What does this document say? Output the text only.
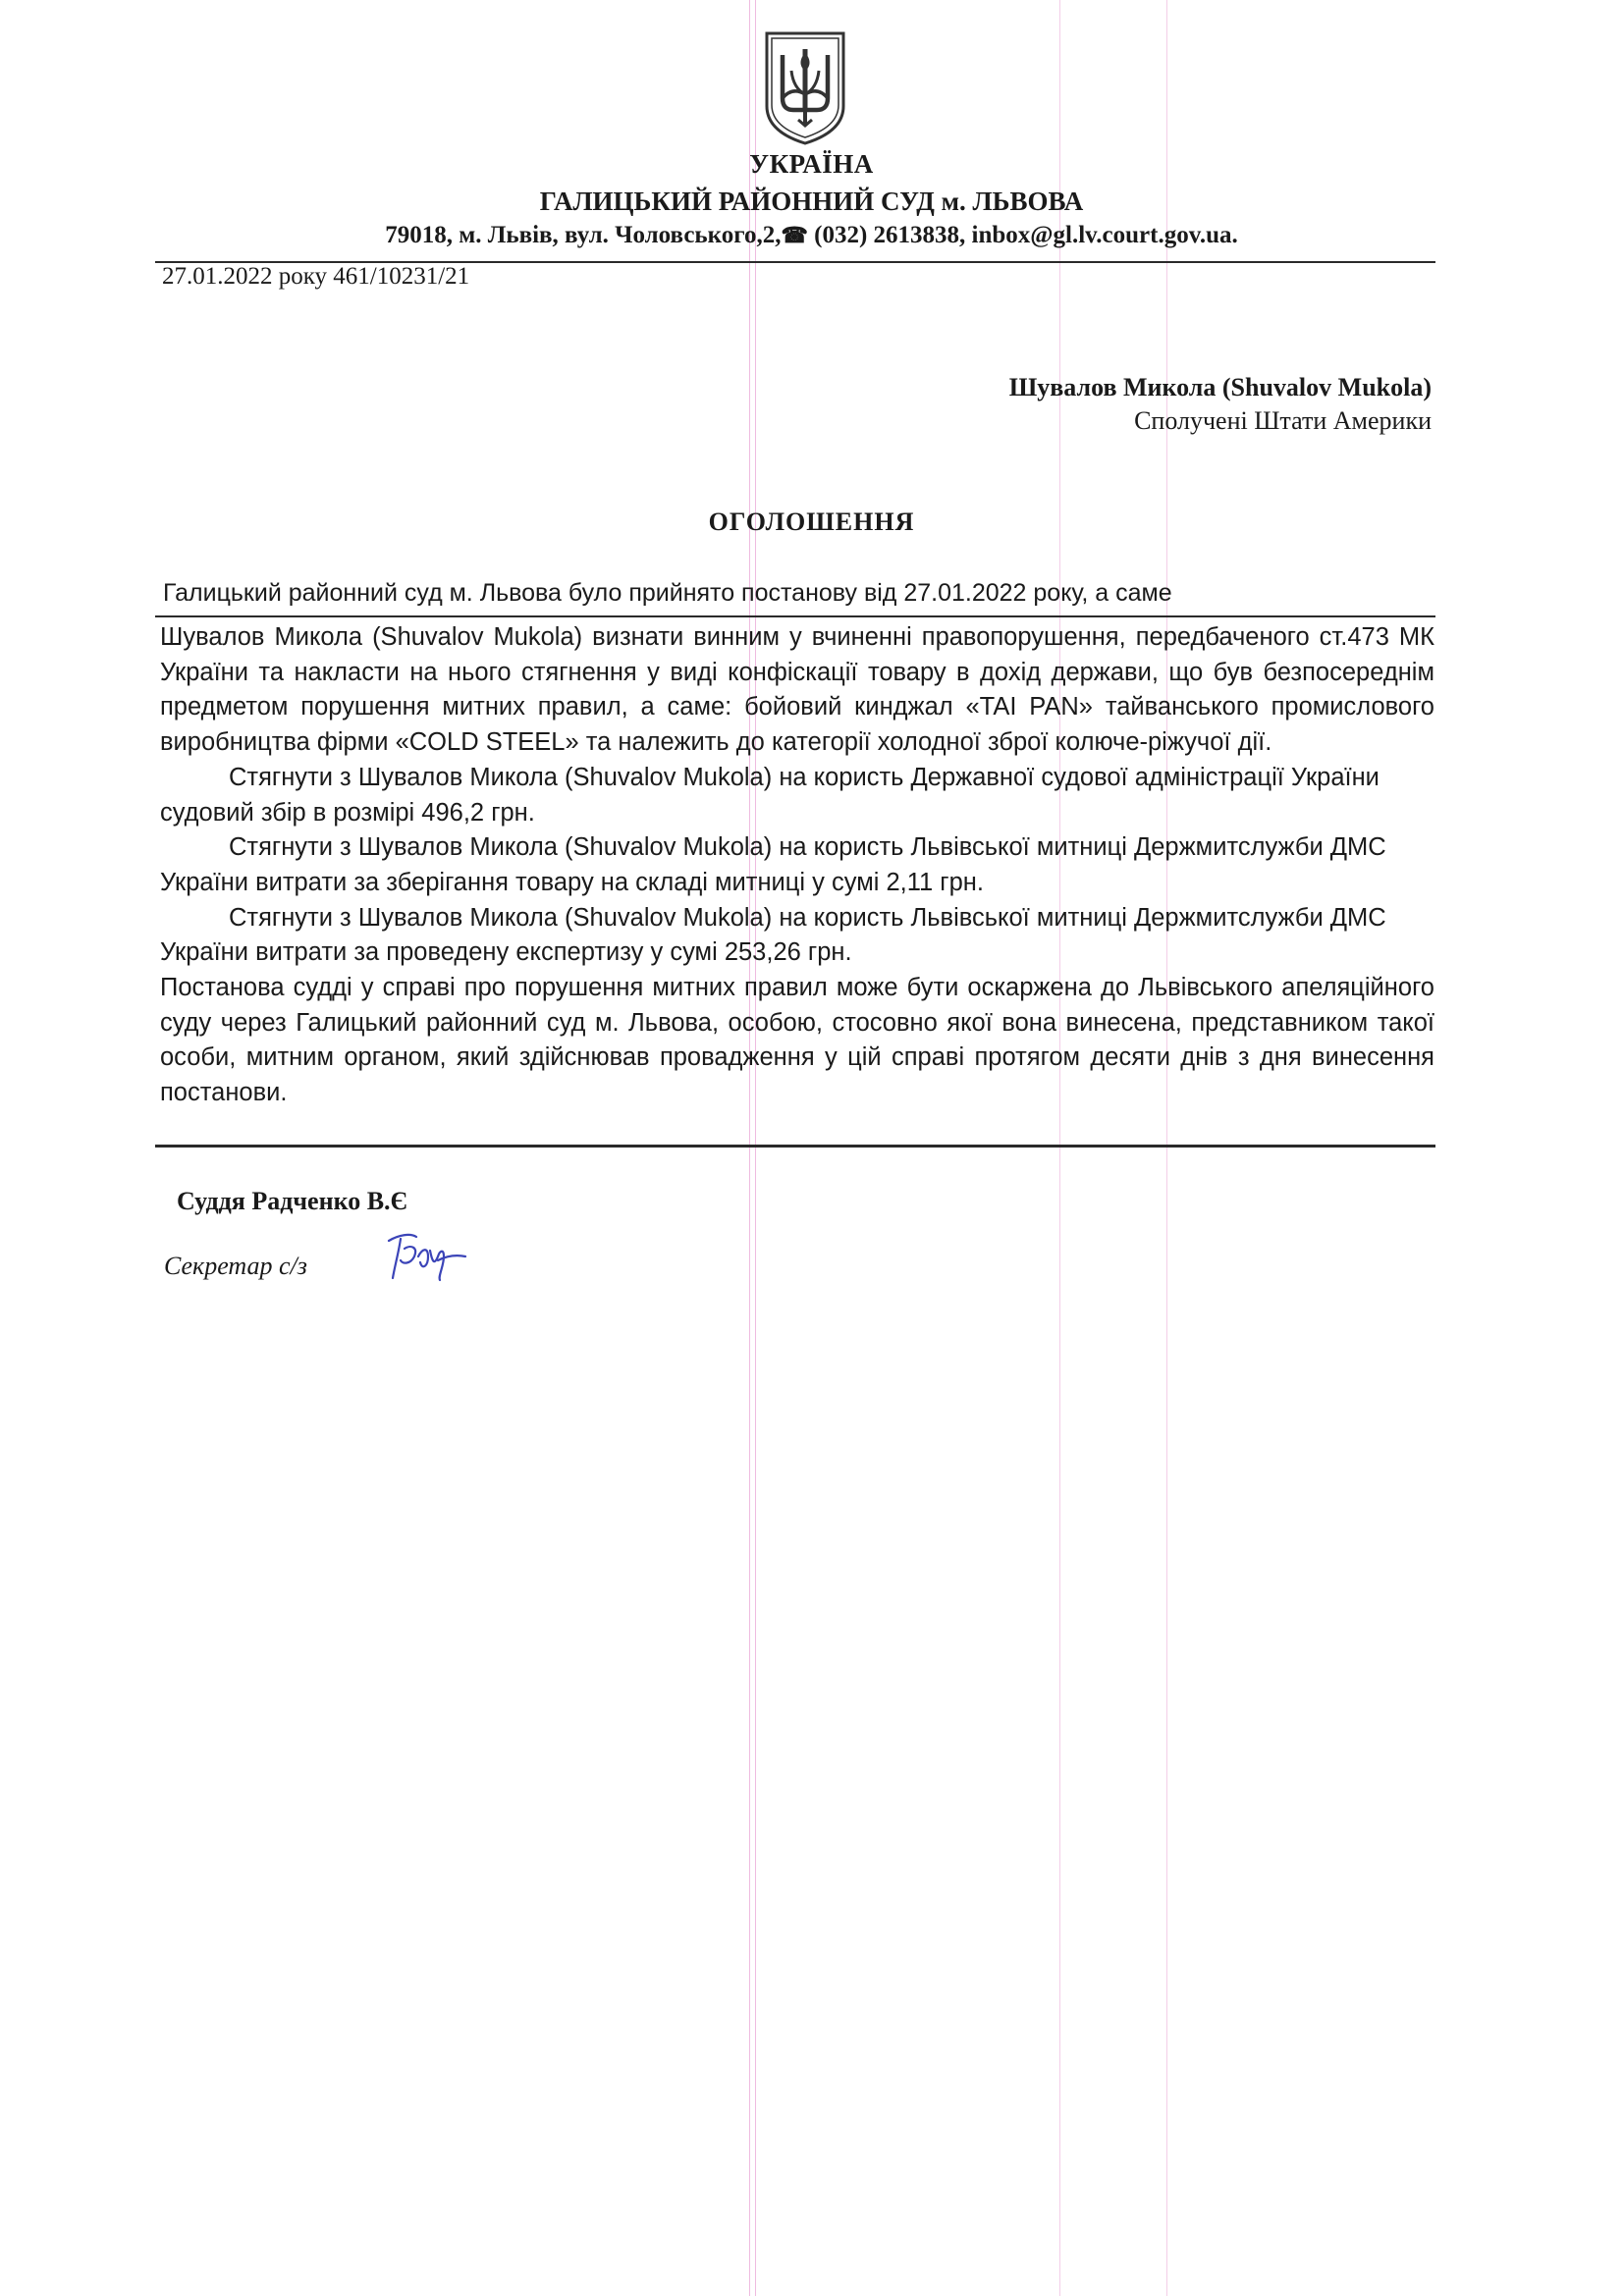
УКРАЇНА
ГАЛИЦЬКИЙ РАЙОННИЙ СУД м. ЛЬВОВА
79018, м. Львів, вул. Чоловського,2,☎ (032) 2613838, inbox@gl.lv.court.gov.ua.
27.01.2022 року 461/10231/21
Шувалов Микола (Shuvalov Mukola)
Сполучені Штати Америки
ОГОЛОШЕННЯ
Галицький районний суд м. Львова було прийнято постанову від 27.01.2022 року, а саме

Шувалов Микола (Shuvalov Mukola) визнати винним у вчиненні правопорушення, передбаченого ст.473 МК України та накласти на нього стягнення у виді конфіскації товару в дохід держави, що був безпосереднім предметом порушення митних правил, а саме: бойовий кинджал «TAI PAN» тайванського промислового виробництва фірми «COLD STEEL» та належить до категорії холодної зброї колюче-ріжучої дії.

Стягнути з Шувалов Микола (Shuvalov Mukola) на користь Державної судової адміністрації України судовий збір в розмірі 496,2 грн.

Стягнути з Шувалов Микола (Shuvalov Mukola) на користь Львівської митниці Держмитслужби ДМС України витрати за зберігання товару на складі митниці у сумі 2,11 грн.

Стягнути з Шувалов Микола (Shuvalov Mukola) на користь Львівської митниці Держмитслужби ДМС України витрати за проведену експертизу у сумі 253,26 грн.

Постанова судді у справі про порушення митних правил може бути оскаржена до Львівського апеляційного суду через Галицький районний суд м. Львова, особою, стосовно якої вона винесена, представником такої особи, митним органом, який здійснював провадження у цій справі протягом десяти днів з дня винесення постанови.

Суддя Радченко В.Є
Секретар с/з
